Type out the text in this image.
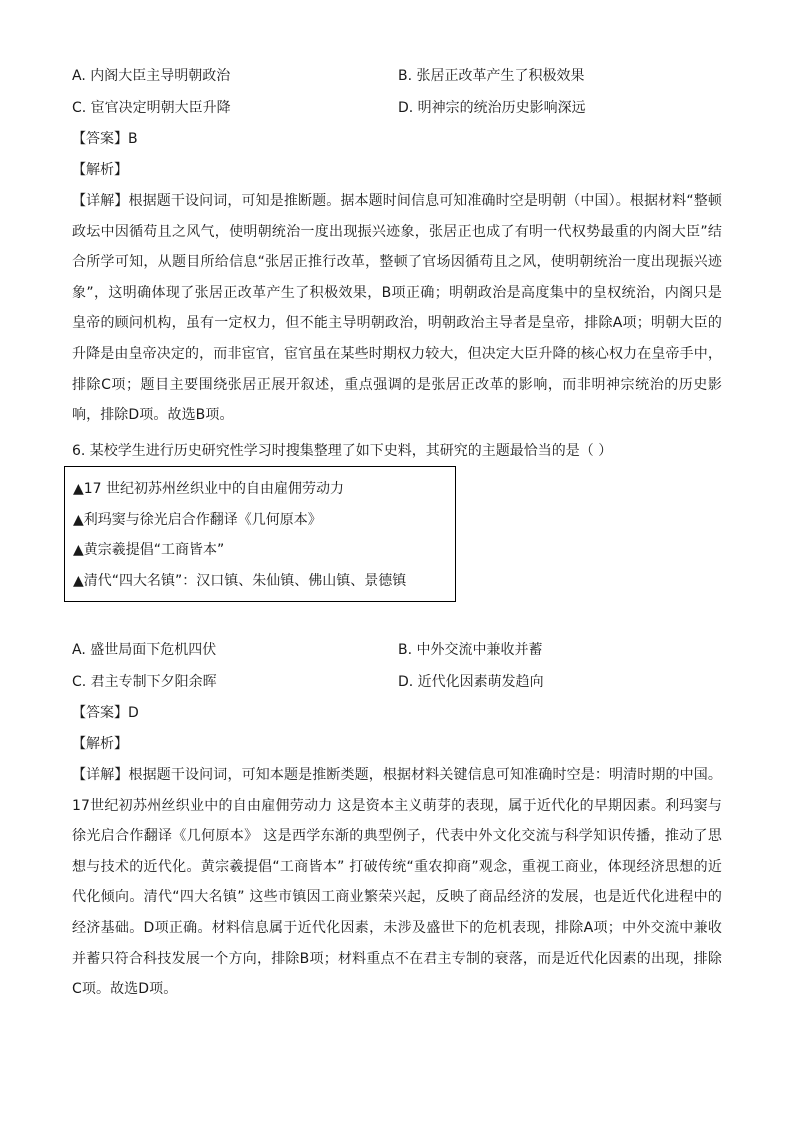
A. 内阁大臣主导明朝政治	B. 张居正改革产生了积极效果
C. 宦官决定明朝大臣升降	D. 明神宗的统治历史影响深远
【答案】B
【解析】

【详解】根据题干设问词，可知是推断题。据本题时间信息可知准确时空是明朝（中国）。根据材料“整顿政坛中因循苟且之风气，使明朝统治一度出现振兴迹象，张居正也成了有明一代权势最重的内阁大臣”结合所学可知，从题目所给信息“张居正推行改革，整顿了官场因循苟且之风，使明朝统治一度出现振兴迹象”，这明确体现了张居正改革产生了积极效果，B项正确；明朝政治是高度集中的皇权统治，内阁只是皇帝的顾问机构，虽有一定权力，但不能主导明朝政治，明朝政治主导者是皇帝，排除A项；明朝大臣的升降是由皇帝决定的，而非宦官，宦官虽在某些时期权力较大，但决定大臣升降的核心权力在皇帝手中，排除C项；题目主要围绕张居正展开叙述，重点强调的是张居正改革的影响，而非明神宗统治的历史影响，排除D项。故选B项。

6. 某校学生进行历史研究性学习时搜集整理了如下史料，其研究的主题最恰当的是（ ）
▲17 世纪初苏州丝织业中的自由雇佣劳动力
▲利玛窦与徐光启合作翻译《几何原本》
▲黄宗羲提倡“工商皆本”
▲清代“四大名镇”：汉口镇、朱仙镇、佛山镇、景德镇
A. 盛世局面下危机四伏	B. 中外交流中兼收并蓄
C. 君主专制下夕阳余晖	D. 近代化因素萌发趋向
【答案】D
【解析】

【详解】根据题干设问词，可知本题是推断类题，根据材料关键信息可知准确时空是：明清时期的中国。17世纪初苏州丝织业中的自由雇佣劳动力 这是资本主义萌芽的表现，属于近代化的早期因素。利玛窦与徐光启合作翻译《几何原本》 这是西学东渐的典型例子，代表中外文化交流与科学知识传播，推动了思想与技术的近代化。黄宗羲提倡“工商皆本” 打破传统“重农抑商”观念，重视工商业，体现经济思想的近代化倾向。清代“四大名镇” 这些市镇因工商业繁荣兴起，反映了商品经济的发展，也是近代化进程中的经济基础。D项正确。材料信息属于近代化因素，未涉及盛世下的危机表现，排除A项；中外交流中兼收并蓄只符合科技发展一个方向，排除B项；材料重点不在君主专制的衰落，而是近代化因素的出现，排除C项。故选D项。
